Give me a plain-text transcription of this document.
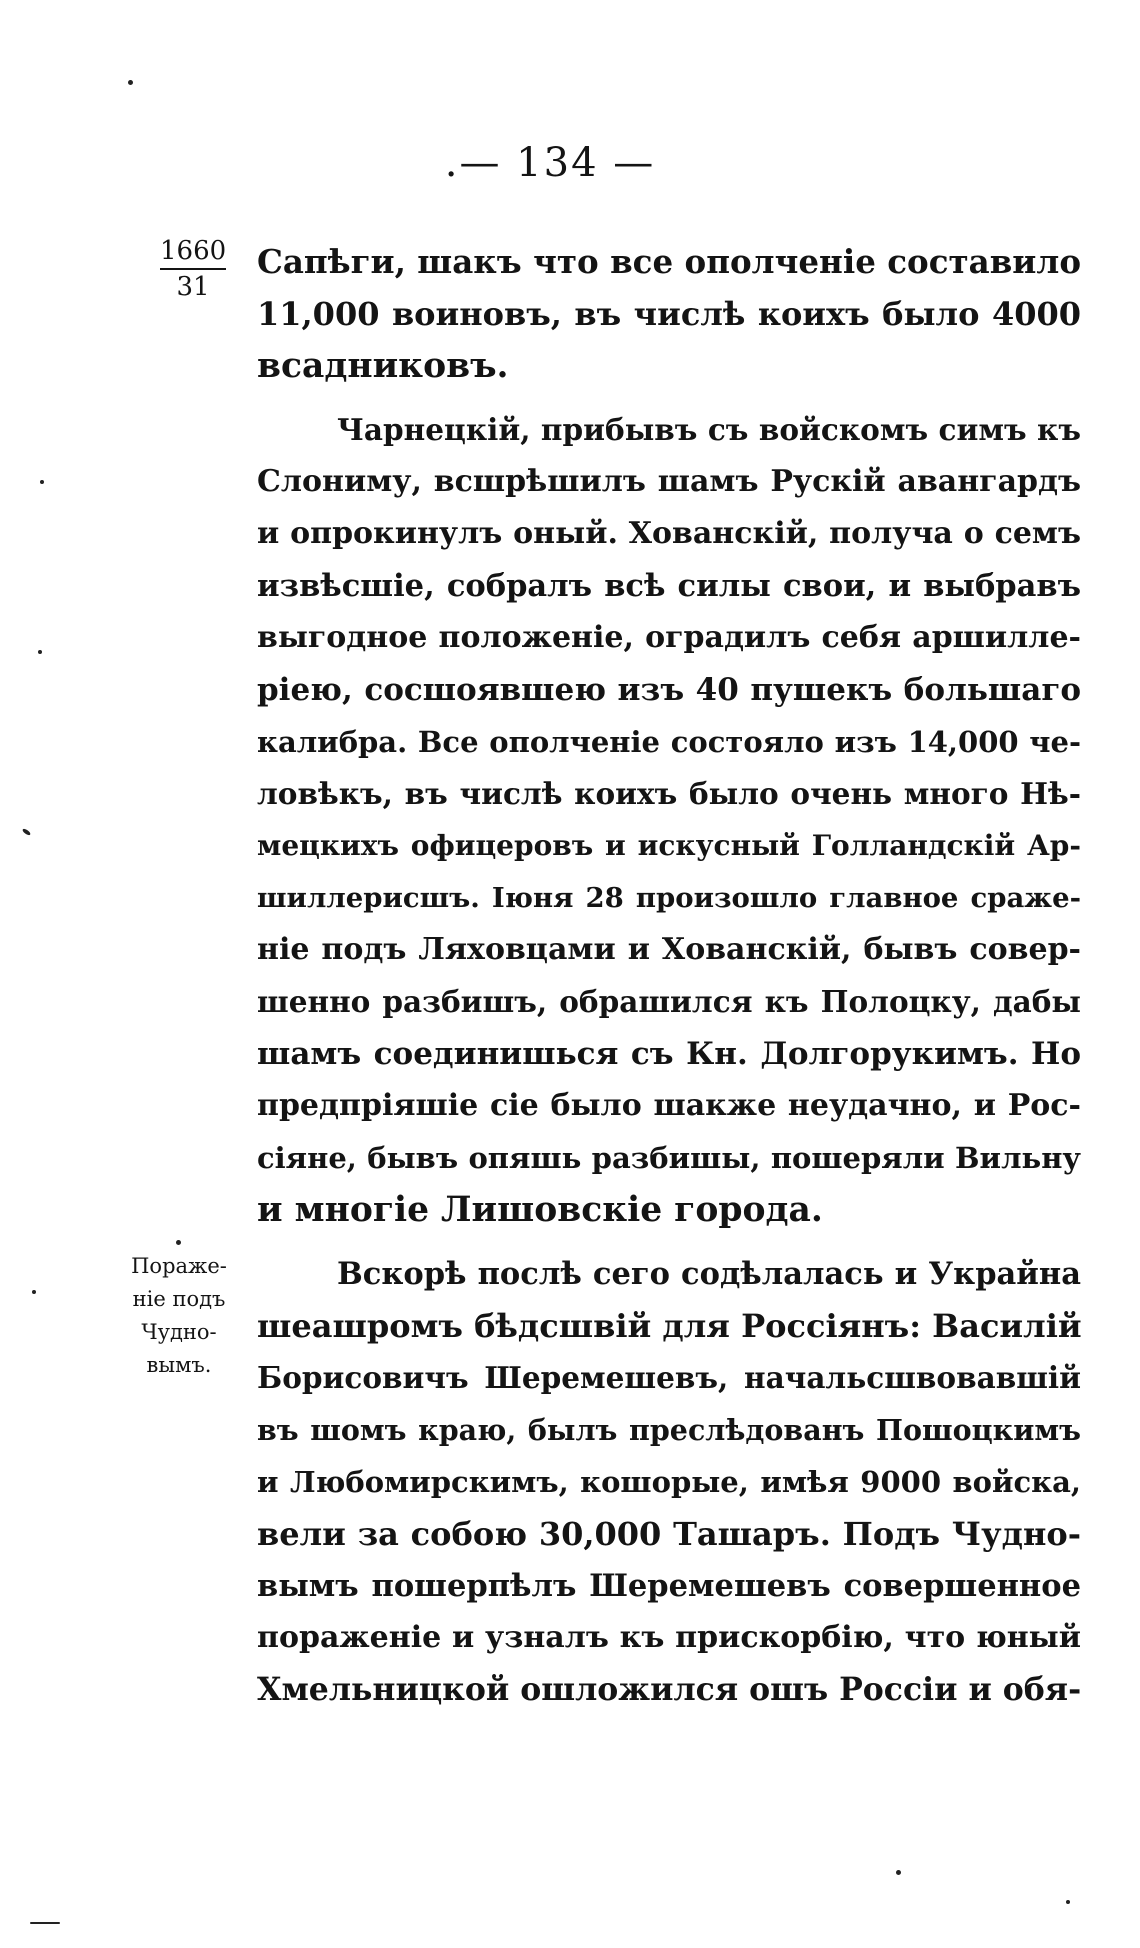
.— 134 —
1660
31
Пораже-
ніе подъ
Чудно-
вымъ.
Сапѣги, шакъ что все ополченіе составило
11,000 воиновъ, въ числѣ коихъ было 4000
всадниковъ.
Чарнецкій, прибывъ съ войскомъ симъ къ
Слониму, всшрѣшилъ шамъ Рускій авангардъ
и опрокинулъ оный. Хованскій, получа о семъ
извѣсшіе, собралъ всѣ силы свои, и выбравъ
выгодное положеніе, оградилъ себя аршилле-
ріею, сосшоявшею изъ 40 пушекъ большаго
калибра. Все ополченіе состояло изъ 14,000 че-
ловѣкъ, въ числѣ коихъ было очень много Нѣ-
мецкихъ офицеровъ и искусный Голландскій Ар-
шиллерисшъ. Іюня 28 произошло главное сраже-
ніе подъ Ляховцами и Хованскій, бывъ совер-
шенно разбишъ, обрашился къ Полоцку, дабы
шамъ соединишься съ Кн. Долгорукимъ. Но
предпріяшіе сіе было шакже неудачно, и Рос-
сіяне, бывъ опяшь разбишы, пошеряли Вильну
и многіе Лишовскіе города.
Вскорѣ послѣ сего содѣлалась и Украйна
шеашромъ бѣдсшвій для Россіянъ: Василій
Борисовичъ Шеремешевъ, начальсшвовавшій
въ шомъ краю, былъ преслѣдованъ Пошоцкимъ
и Любомирскимъ, кошорые, имѣя 9000 войска,
вели за собою 30,000 Ташаръ. Подъ Чудно-
вымъ пошерпѣлъ Шеремешевъ совершенное
пораженіе и узналъ къ прискорбію, что юный
Хмельницкой ошложился ошъ Россіи и обя-
